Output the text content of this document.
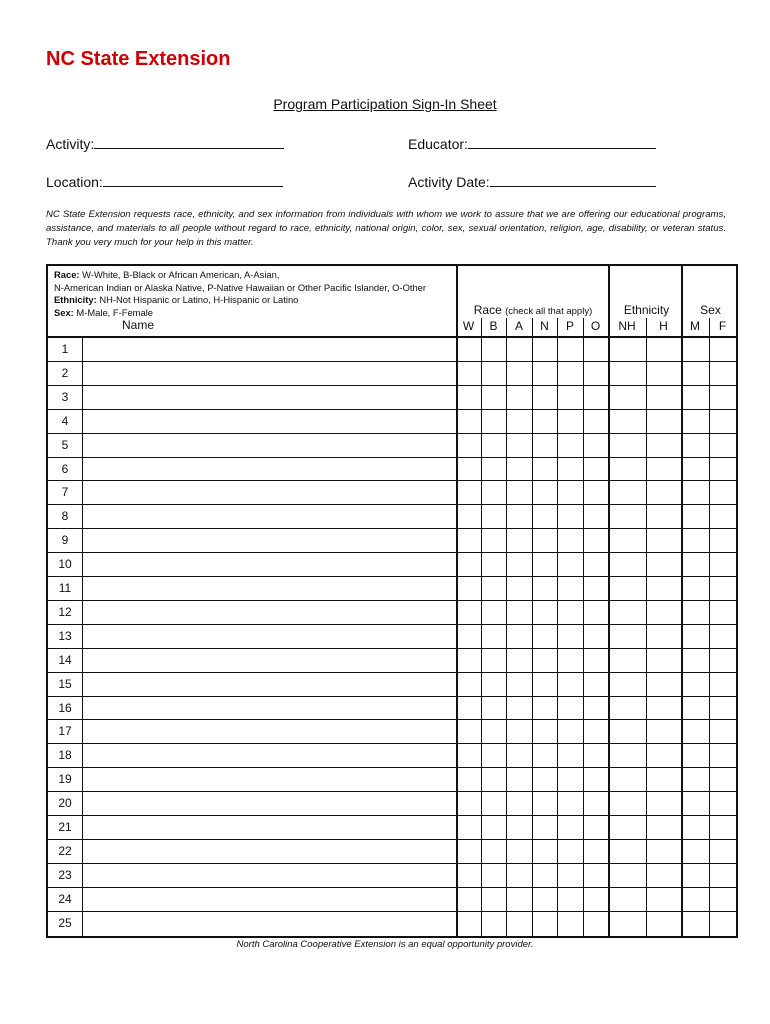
NC State Extension
Program Participation Sign-In Sheet
Activity:	Educator:
Location:	Activity Date:
NC State Extension requests race, ethnicity, and sex information from individuals with whom we work to assure that we are offering our educational programs, assistance, and materials to all people without regard to race, ethnicity, national origin, color, sex, sexual orientation, religion, age, disability, or veteran status. Thank you very much for your help in this matter.
Race: W-White, B-Black or African American, A-Asian,
N-American Indian or Alaska Native, P-Native Hawaiian or Other Pacific Islander, O-Other
Ethnicity: NH-Not Hispanic or Latino, H-Hispanic or Latino
Sex: M-Male, F-Female
Name
Race (check all that apply)	Ethnicity	Sex
W	B	A	N	P	O	NH	H	M	F
1
2
3
4
5
6
7
8
9
10
11
12
13
14
15
16
17
18
19
20
21
22
23
24
25
North Carolina Cooperative Extension is an equal opportunity provider.
